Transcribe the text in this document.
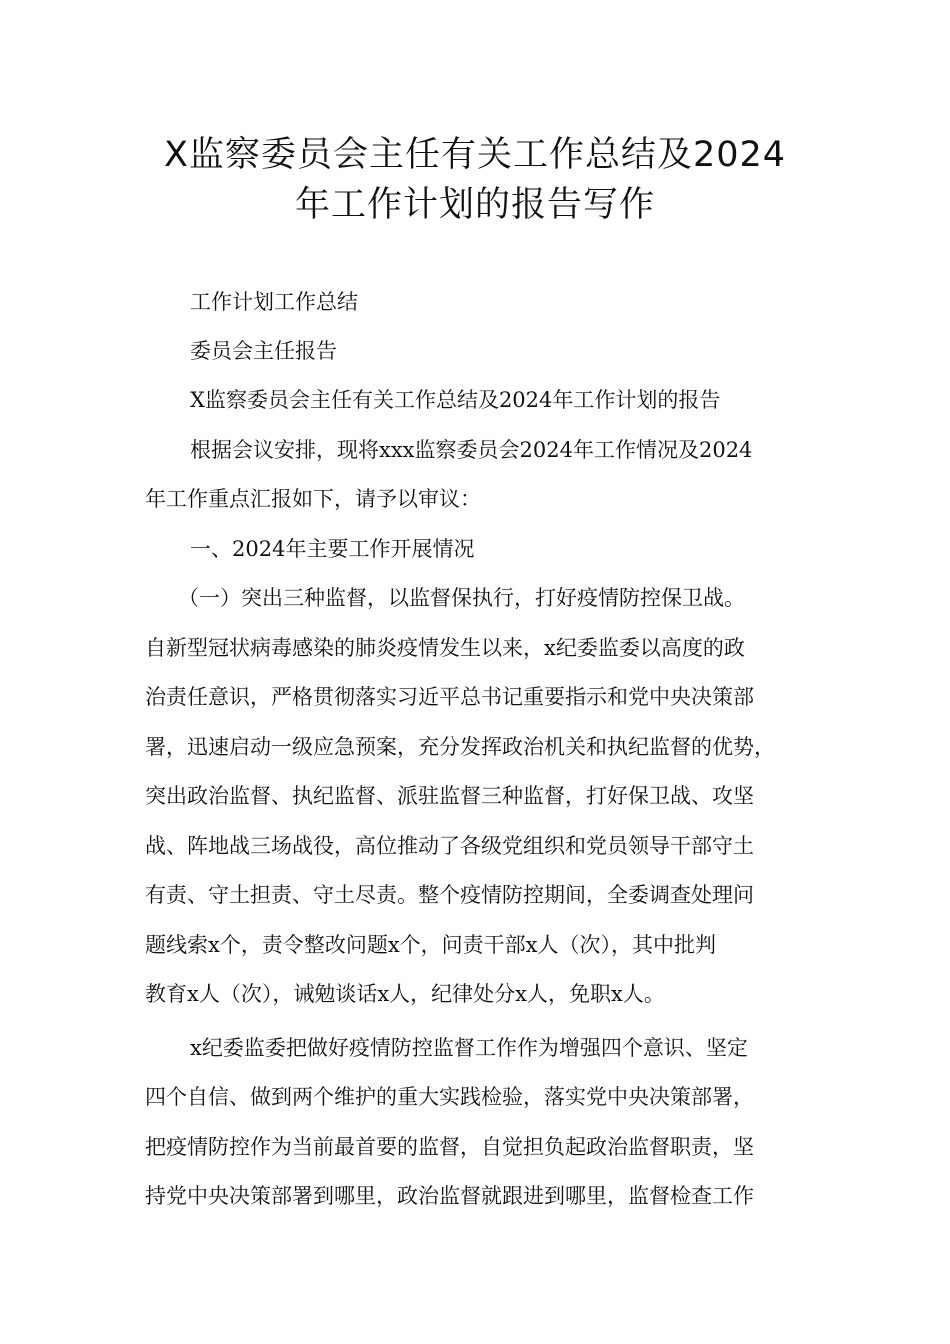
X监察委员会主任有关工作总结及2024
年工作计划的报告写作

工作计划工作总结

委员会主任报告

X监察委员会主任有关工作总结及2024年工作计划的报告

根据会议安排，现将xxx监察委员会2024年工作情况及2024

年工作重点汇报如下，请予以审议：

一、2024年主要工作开展情况

（一）突出三种监督，以监督保执行，打好疫情防控保卫战。

自新型冠状病毒感染的肺炎疫情发生以来，x纪委监委以高度的政

治责任意识，严格贯彻落实习近平总书记重要指示和党中央决策部

署，迅速启动一级应急预案，充分发挥政治机关和执纪监督的优势，

突出政治监督、执纪监督、派驻监督三种监督，打好保卫战、攻坚

战、阵地战三场战役，高位推动了各级党组织和党员领导干部守土

有责、守土担责、守土尽责。整个疫情防控期间，全委调查处理问

题线索x个，责令整改问题x个，问责干部x人（次），其中批判

教育x人（次），诫勉谈话x人，纪律处分x人，免职x人。

x纪委监委把做好疫情防控监督工作作为增强四个意识、坚定

四个自信、做到两个维护的重大实践检验，落实党中央决策部署，

把疫情防控作为当前最首要的监督，自觉担负起政治监督职责，坚

持党中央决策部署到哪里，政治监督就跟进到哪里，监督检查工作
